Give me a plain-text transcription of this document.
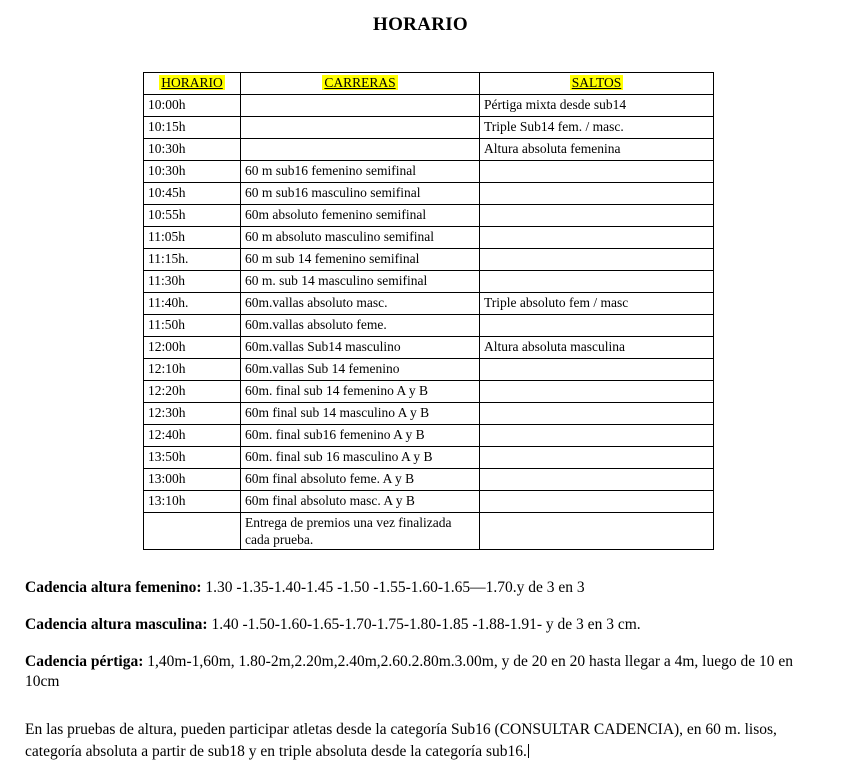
HORARIO
HORARIO	CARRERAS	SALTOS
10:00h		Pértiga mixta desde sub14
10:15h		Triple Sub14 fem. / masc.
10:30h		Altura absoluta femenina
10:30h	60 m sub16 femenino semifinal	
10:45h	60 m sub16 masculino semifinal	
10:55h	60m absoluto femenino semifinal	
11:05h	60 m absoluto masculino semifinal	
11:15h.	60 m sub 14 femenino semifinal	
11:30h	60 m. sub 14 masculino semifinal	
11:40h.	60m.vallas absoluto masc.	Triple absoluto fem / masc
11:50h	60m.vallas absoluto feme.	
12:00h	60m.vallas Sub14 masculino	Altura absoluta masculina
12:10h	60m.vallas Sub 14 femenino	
12:20h	60m. final sub 14 femenino A y B	
12:30h	60m final sub 14 masculino A y B	
12:40h	60m. final sub16 femenino A y B	
13:50h	60m. final sub 16 masculino A y B	
13:00h	60m final absoluto feme. A y B	
13:10h	60m final absoluto masc. A y B	
	Entrega de premios una vez finalizada cada prueba.	
Cadencia altura femenino: 1.30 -1.35-1.40-1.45 -1.50 -1.55-1.60-1.65—1.70.y de 3 en 3
Cadencia altura masculina: 1.40 -1.50-1.60-1.65-1.70-1.75-1.80-1.85 -1.88-1.91- y de 3 en 3 cm.
Cadencia pértiga: 1,40m-1,60m, 1.80-2m,2.20m,2.40m,2.60.2.80m.3.00m, y de 20 en 20 hasta llegar a 4m, luego de 10 en 10cm
En las pruebas de altura, pueden participar atletas desde la categoría Sub16 (CONSULTAR CADENCIA), en 60 m. lisos, categoría absoluta a partir de sub18 y en triple absoluta desde la categoría sub16.
